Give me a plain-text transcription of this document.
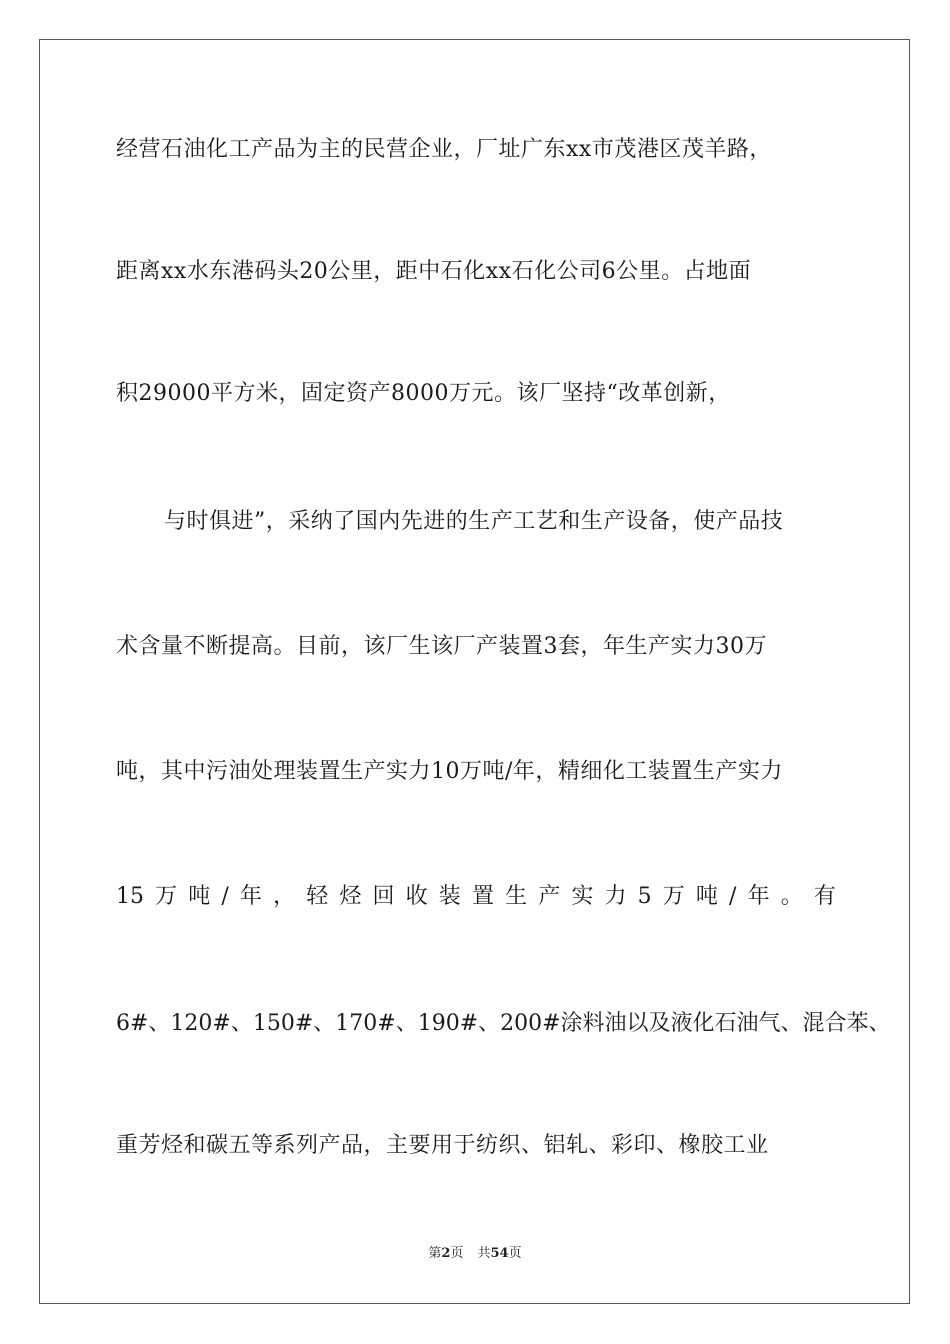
经营石油化工产品为主的民营企业，厂址广东xx市茂港区茂羊路，
距离xx水东港码头20公里，距中石化xx石化公司6公里。占地面
积29000平方米，固定资产8000万元。该厂坚持“改革创新，
与时俱进”，采纳了国内先进的生产工艺和生产设备，使产品技
术含量不断提高。目前，该厂生该厂产装置3套，年生产实力30万
吨，其中污油处理装置生产实力10万吨/年，精细化工装置生产实力
15 万 吨 / 年 ， 轻 烃 回 收 装 置 生 产 实 力 5 万 吨 / 年 。 有
6#、120#、150#、170#、190#、200#涂料油以及液化石油气、混合苯、
重芳烃和碳五等系列产品，主要用于纺织、铝轧、彩印、橡胶工业
第2页 共54页
